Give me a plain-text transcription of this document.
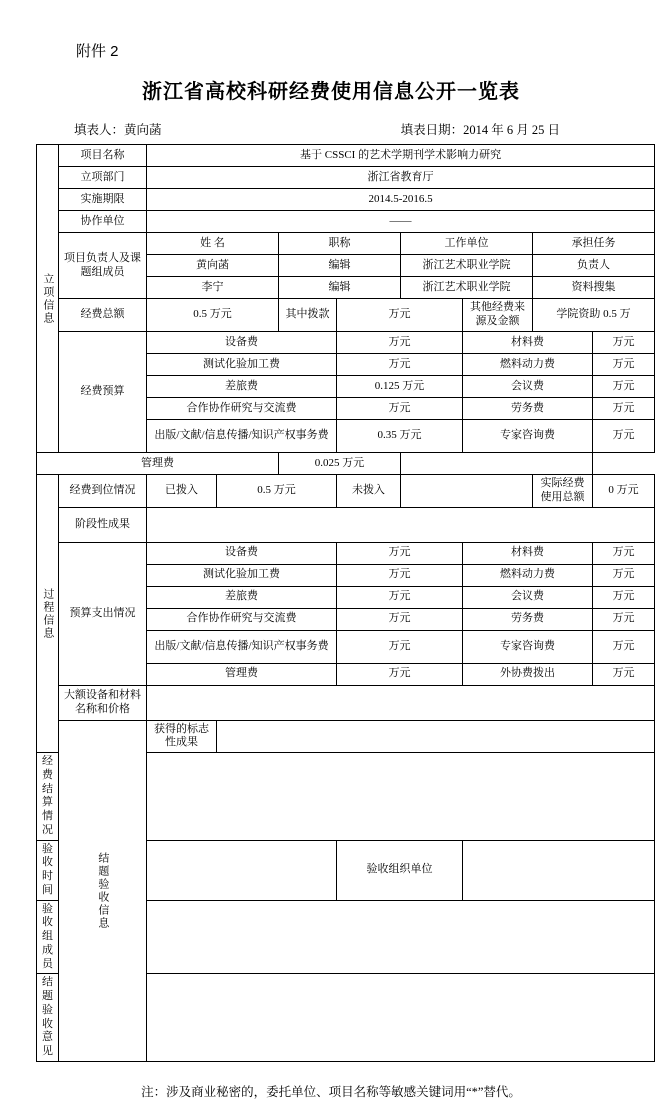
附件 2
浙江省高校科研经费使用信息公开一览表
填表人：黄向菡	填表日期：2014 年 6 月 25 日
立项信息	项目名称	基于 CSSCI 的艺术学期刊学术影响力研究							
	立项部门	浙江省教育厅							
	实施期限	2014.5-2016.5							
	协作单位	——							
	项目负责人及课题组成员	姓 名		职称		工作单位		承担任务	
		黄向菡		编辑		浙江艺术职业学院		负责人	
		李宁		编辑		浙江艺术职业学院		资料搜集	
	经费总额	0.5 万元		其中拨款	万元		其他经费来源及金额	学院资助 0.5 万	
	经费预算	设备费			万元		材料费		万元
		测试化验加工费			万元		燃料动力费		万元
		差旅费			0.125 万元		会议费		万元
		合作协作研究与交流费			万元		劳务费		万元
		出版/文献/信息传播/知识产权事务费			0.35 万元		专家咨询费		万元
管理费				0.025 万元					

过程信息	经费到位情况	已拨入	0.5 万元		未拨入			实际经费使用总额	0 万元
	阶段性成果								
	预算支出情况	设备费			万元		材料费		万元
		测试化验加工费			万元		燃料动力费		万元
		差旅费			万元		会议费		万元
		合作协作研究与交流费			万元		劳务费		万元
		出版/文献/信息传播/知识产权事务费			万元		专家咨询费		万元
		管理费			万元		外协费拨出		万元
	大额设备和材料名称和价格								

	结题验收信息	获得的标志性成果							
经费结算情况									
验收时间					验收组织单位				
验收组成员									
结题验收意见									
注：涉及商业秘密的，委托单位、项目名称等敏感关键词用“*”替代。
